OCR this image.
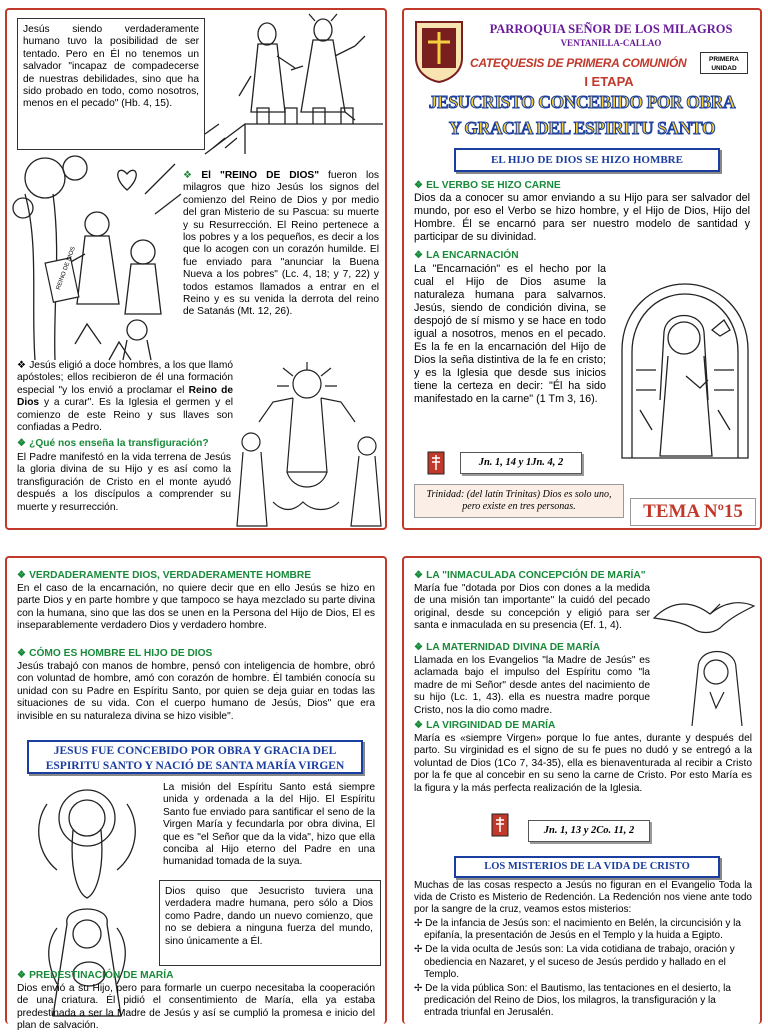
Jesús siendo verdaderamente humano tuvo la posibilidad de ser tentado. Pero en Él no tenemos un salvador "incapaz de compadecerse de nuestras debilidades, sino que ha sido probado en todo, como nosotros, menos en el pecado" (Hb. 4, 15).

REINO DE DIOS

❖ El "REINO DE DIOS" fueron los milagros que hizo Jesús los signos del comienzo del Reino de Dios y por medio del gran Misterio de su Pascua: su muerte y su Resurrección. El Reino pertenece a los pobres y a los pequeños, es decir a los que lo acogen con un corazón humilde. El fue enviado para "anunciar la Buena Nueva a los pobres" (Lc. 4, 18; y 7, 22) y todos estamos llamados a entrar en el Reino y es su venida la derrota del reino de Satanás (Mt. 12, 26).

❖ Jesús eligió a doce hombres, a los que llamó apóstoles; ellos recibieron de él una formación especial "y los envió a proclamar el Reino de Dios y a curar". Es la Iglesia el germen y el comienzo de este Reino y sus llaves son confiadas a Pedro.

❖ ¿Qué nos enseña la transfiguración?

El Padre manifestó en la vida terrena de Jesús la gloria divina de su Hijo y es así como la transfiguración de Cristo en el monte ayudó después a los discípulos a comprender su muerte y resurrección.

PARROQUIA SEÑOR DE LOS MILAGROS
VENTANILLA-CALLAO
CATEQUESIS DE PRIMERA COMUNIÓN	PRIMERA UNIDAD
I ETAPA
JESUCRISTO CONCEBIDO POR OBRA
Y GRACIA DEL ESPIRITU SANTO
EL HIJO DE DIOS SE HIZO HOMBRE

❖ EL VERBO SE HIZO CARNE

Dios da a conocer su amor enviando a su Hijo para ser salvador del mundo, por eso el Verbo se hizo hombre, y el Hijo de Dios, Hijo del Hombre. Él se encarnó para ser nuestro modelo de santidad y participar de su divinidad.

❖ LA ENCARNACIÓN

La "Encarnación" es el hecho por la cual el Hijo de Dios asume la naturaleza humana para salvarnos. Jesús, siendo de condición divina, se despojó de sí mismo y se hace en todo igual a nosotros, menos en el pecado. Es la fe en la encarnación del Hijo de Dios la seña distintiva de la fe en cristo; y es la Iglesia que desde sus inicios tiene la certeza en decir: "Él ha sido manifestado en la carne" (1 Tm 3, 16).

Jn. 1, 14 y 1Jn. 4, 2
Trinidad: (del latín Trinitas) Dios es solo uno, pero existe en tres personas.	TEMA Nº15

❖ VERDADERAMENTE DIOS, VERDADERAMENTE HOMBRE

En el caso de la encarnación, no quiere decir que en ello Jesús se hizo en parte Dios y en parte hombre y que tampoco se haya mezclado su parte divina con la humana, sino que las dos se unen en la Persona del Hijo de Dios, El es inseparablemente verdadero Dios y verdadero hombre.

❖ CÓMO ES HOMBRE EL HIJO DE DIOS

Jesús trabajó con manos de hombre, pensó con inteligencia de hombre, obró con voluntad de hombre, amó con corazón de hombre. Él también conocía su unidad con su Padre en Espíritu Santo, por quien se deja guiar en todas las situaciones de su vida. Con el cuerpo humano de Jesús, Dios" que era invisible en su naturaleza divina se hizo visible".

JESUS FUE CONCEBIDO POR OBRA Y GRACIA DEL ESPIRITU SANTO Y NACIÓ DE SANTA MARÍA VIRGEN

La misión del Espíritu Santo está siempre unida y ordenada a la del Hijo. El Espíritu Santo fue enviado para santificar el seno de la Virgen María y fecundarla por obra divina, El que es "el Señor que da la vida", hizo que ella conciba al Hijo eterno del Padre en una humanidad tomada de la suya.

Dios quiso que Jesucristo tuviera una verdadera madre humana, pero sólo a Dios como Padre, dando un nuevo comienzo, que no se debiera a ninguna fuerza del mundo, sino únicamente a Él.

❖ PREDESTINACIÓN DE MARÍA

Dios envió a su Hijo, pero para formarle un cuerpo necesitaba la cooperación de una criatura. Él pidió el consentimiento de María, ella ya estaba predestinada a ser la Madre de Jesús y así se cumplió la promesa e inicio del plan de salvación.

❖ LA "INMACULADA CONCEPCIÓN DE MARÍA"

María fue "dotada por Dios con dones a la medida de una misión tan importante" la cuidó del pecado original, desde su concepción y eligió para ser santa e inmaculada en su presencia (Ef. 1, 4).

❖ LA MATERNIDAD DIVINA DE MARÍA

Llamada en los Evangelios "la Madre de Jesús" es aclamada bajo el impulso del Espíritu como "la madre de mi Señor" desde antes del nacimiento de su hijo (Lc. 1, 43). ella es nuestra madre porque Cristo, nos la dio como madre.

❖ LA VIRGINIDAD DE MARÍA

María es «siempre Virgen» porque lo fue antes, durante y después del parto. Su virginidad es el signo de su fe pues no dudó y se entregó a la voluntad de Dios (1Co 7, 34-35), ella es bienaventurada al recibir a Cristo por la fe que al concebir en su seno la carne de Cristo. Por esto María es la figura y la más perfecta realización de la Iglesia.

Jn. 1, 13 y 2Co. 11, 2
LOS MISTERIOS DE LA VIDA DE CRISTO

Muchas de las cosas respecto a Jesús no figuran en el Evangelio Toda la vida de Cristo es Misterio de Redención. La Redención nos viene ante todo por la sangre de la cruz, veamos estos misterios:

✢ De la infancia de Jesús son: el nacimiento en Belén, la circuncisión y la epifanía, la presentación de Jesús en el Templo y la huida a Egipto.
✢ De la vida oculta de Jesús son: La vida cotidiana de trabajo, oración y obediencia en Nazaret, y el suceso de Jesús perdido y hallado en el Templo.
✢ De la vida pública Son: el Bautismo, las tentaciones en el desierto, la predicación del Reino de Dios, los milagros, la transfiguración y la entrada triunfal en Jerusalén.
